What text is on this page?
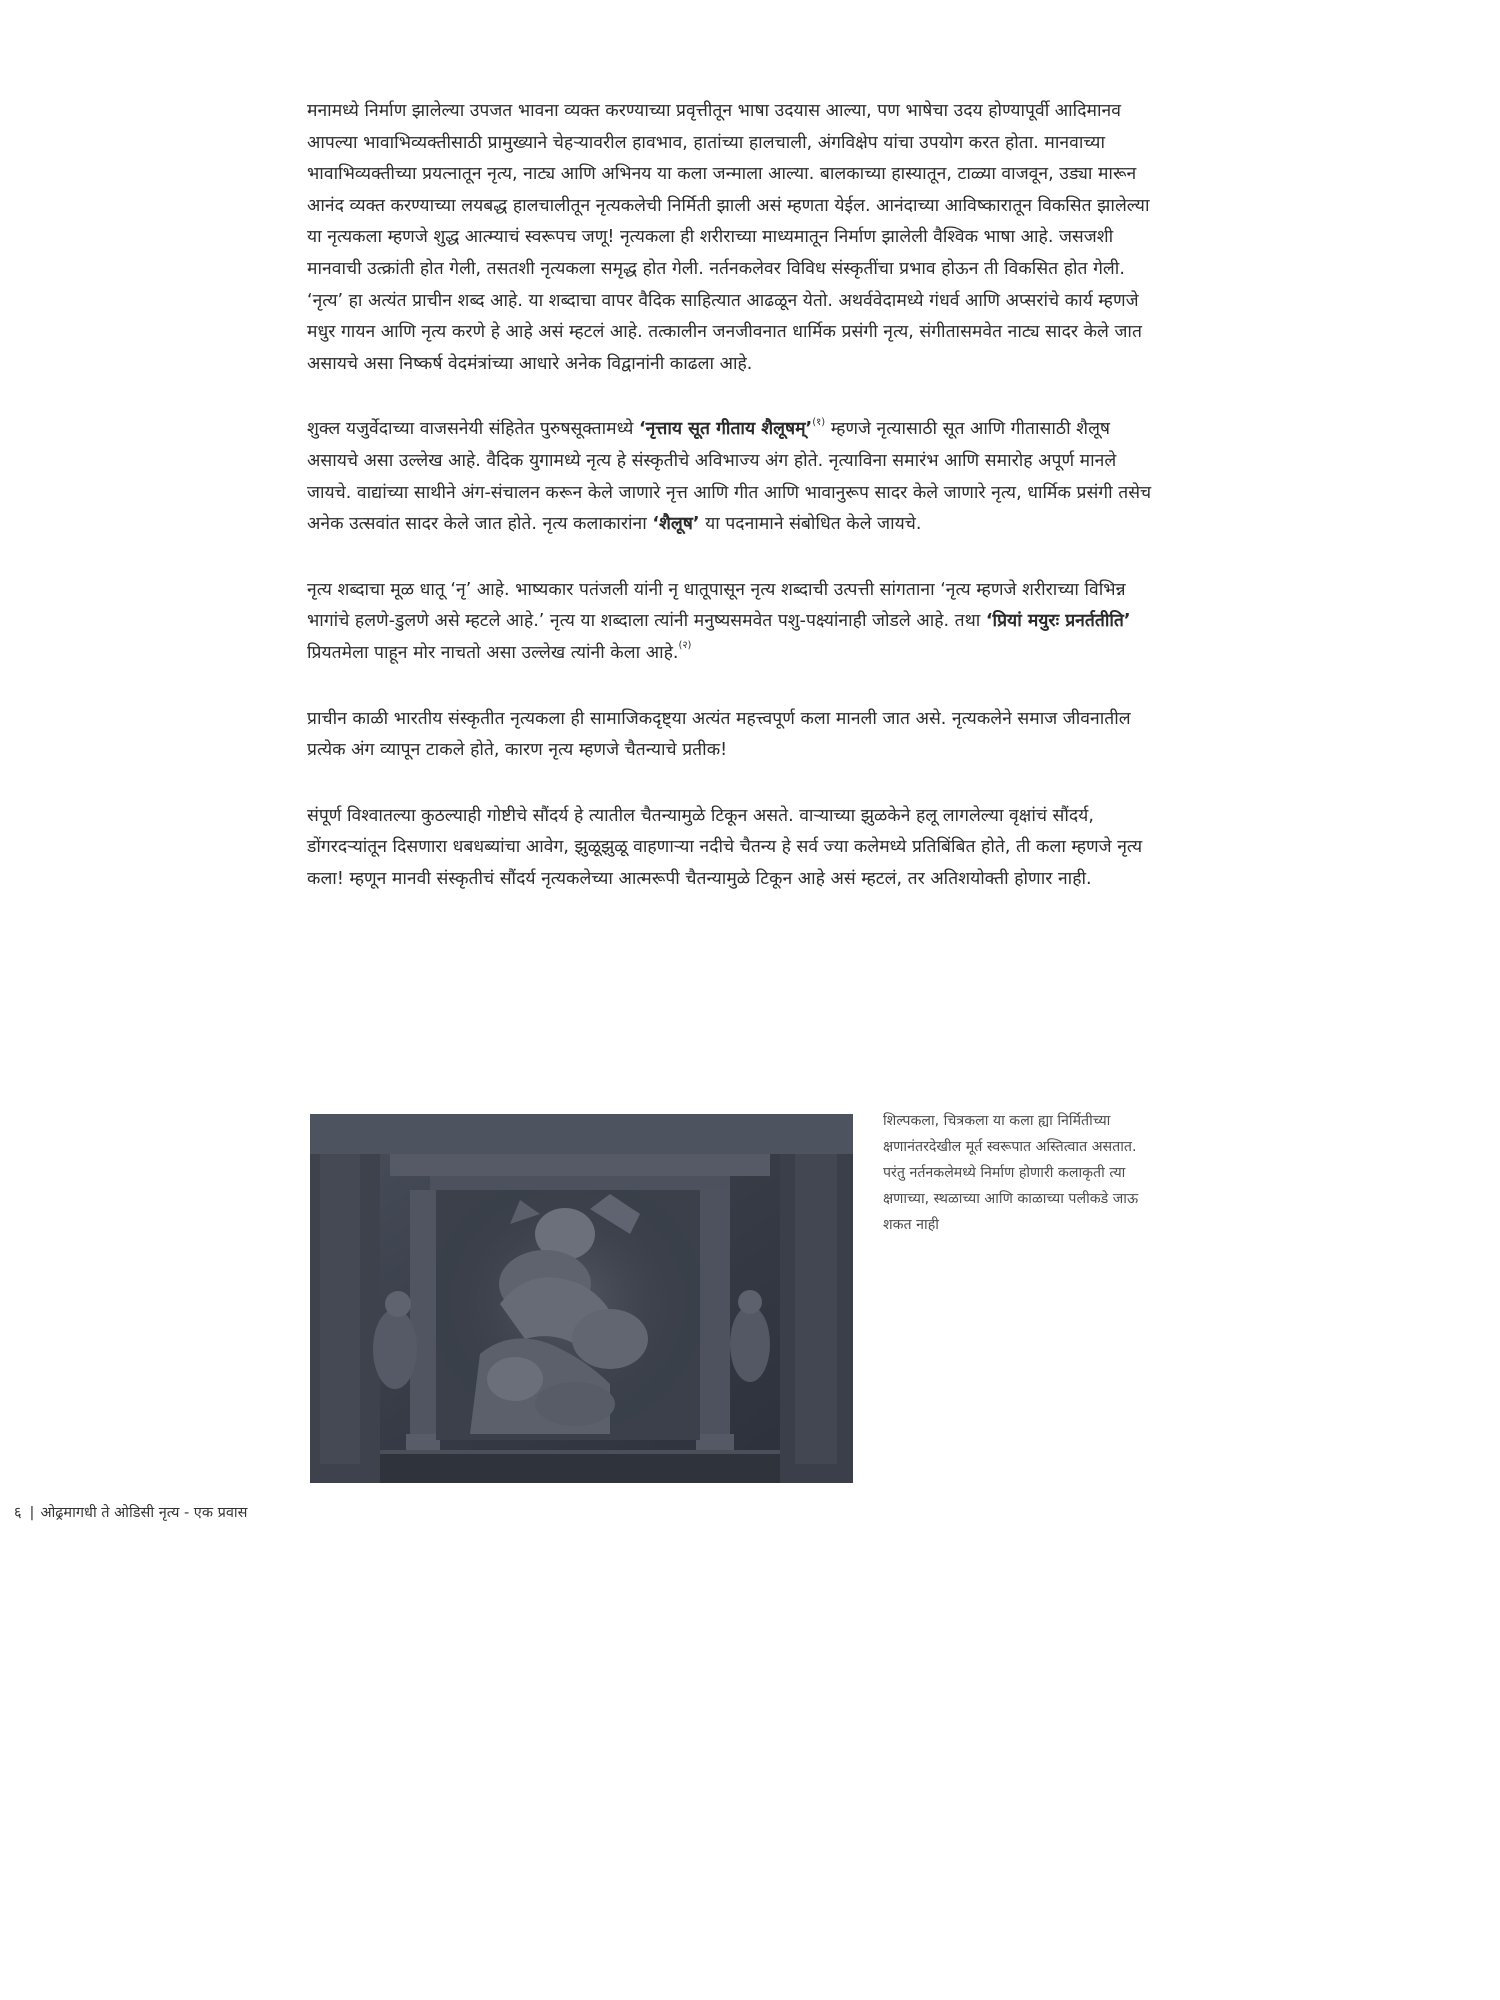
मनामध्ये निर्माण झालेल्या उपजत भावना व्यक्त करण्याच्या प्रवृत्तीतून भाषा उदयास आल्या, पण भाषेचा उदय होण्यापूर्वी आदिमानव आपल्या भावाभिव्यक्तीसाठी प्रामुख्याने चेहऱ्यावरील हावभाव, हातांच्या हालचाली, अंगविक्षेप यांचा उपयोग करत होता. मानवाच्या भावाभिव्यक्तीच्या प्रयत्नातून नृत्य, नाट्य आणि अभिनय या कला जन्माला आल्या. बालकाच्या हास्यातून, टाळ्या वाजवून, उड्या मारून आनंद व्यक्त करण्याच्या लयबद्ध हालचालीतून नृत्यकलेची निर्मिती झाली असं म्हणता येईल. आनंदाच्या आविष्कारातून विकसित झालेल्या या नृत्यकला म्हणजे शुद्ध आत्म्याचं स्वरूपच जणू! नृत्यकला ही शरीराच्या माध्यमातून निर्माण झालेली वैश्विक भाषा आहे. जसजशी मानवाची उत्क्रांती होत गेली, तसतशी नृत्यकला समृद्ध होत गेली. नर्तनकलेवर विविध संस्कृतींचा प्रभाव होऊन ती विकसित होत गेली. ‘नृत्य’ हा अत्यंत प्राचीन शब्द आहे. या शब्दाचा वापर वैदिक साहित्यात आढळून येतो. अथर्ववेदामध्ये गंधर्व आणि अप्सरांचे कार्य म्हणजे मधुर गायन आणि नृत्य करणे हे आहे असं म्हटलं आहे. तत्कालीन जनजीवनात धार्मिक प्रसंगी नृत्य, संगीतासमवेत नाट्य सादर केले जात असायचे असा निष्कर्ष वेदमंत्रांच्या आधारे अनेक विद्वानांनी काढला आहे.

शुक्ल यजुर्वेदाच्या वाजसनेयी संहितेत पुरुषसूक्तामध्ये ‘नृत्ताय सूत गीताय शैलूषम्’$^{(१)}$ म्हणजे नृत्यासाठी सूत आणि गीतासाठी शैलूष असायचे असा उल्लेख आहे. वैदिक युगामध्ये नृत्य हे संस्कृतीचे अविभाज्य अंग होते. नृत्याविना समारंभ आणि समारोह अपूर्ण मानले जायचे. वाद्यांच्या साथीने अंग-संचालन करून केले जाणारे नृत्त आणि गीत आणि भावानुरूप सादर केले जाणारे नृत्य, धार्मिक प्रसंगी तसेच अनेक उत्सवांत सादर केले जात होते. नृत्य कलाकारांना ‘शैलूष’ या पदनामाने संबोधित केले जायचे.

नृत्य शब्दाचा मूळ धातू ‘नृ’ आहे. भाष्यकार पतंजली यांनी नृ धातूपासून नृत्य शब्दाची उत्पत्ती सांगताना ‘नृत्य म्हणजे शरीराच्या विभिन्न भागांचे हलणे-डुलणे असे म्हटले आहे.’ नृत्य या शब्दाला त्यांनी मनुष्यसमवेत पशु-पक्ष्यांनाही जोडले आहे. तथा ‘प्रियां मयुरः प्रनर्ततीति’ प्रियतमेला पाहून मोर नाचतो असा उल्लेख त्यांनी केला आहे.$^{(२)}$

प्राचीन काळी भारतीय संस्कृतीत नृत्यकला ही सामाजिकदृष्ट्या अत्यंत महत्त्वपूर्ण कला मानली जात असे. नृत्यकलेने समाज जीवनातील प्रत्येक अंग व्यापून टाकले होते, कारण नृत्य म्हणजे चैतन्याचे प्रतीक!

संपूर्ण विश्वातल्या कुठल्याही गोष्टीचे सौंदर्य हे त्यातील चैतन्यामुळे टिकून असते. वाऱ्याच्या झुळकेने हलू लागलेल्या वृक्षांचं सौंदर्य, डोंगरदऱ्यांतून दिसणारा धबधब्यांचा आवेग, झुळूझुळू वाहणाऱ्या नदीचे चैतन्य हे सर्व ज्या कलेमध्ये प्रतिबिंबित होते, ती कला म्हणजे नृत्य कला! म्हणून मानवी संस्कृतीचं सौंदर्य नृत्यकलेच्या आत्मरूपी चैतन्यामुळे टिकून आहे असं म्हटलं, तर अतिशयोक्ती होणार नाही.

शिल्पकला, चित्रकला या कला ह्या निर्मितीच्या क्षणानंतरदेखील मूर्त स्वरूपात अस्तित्वात असतात. परंतु नर्तनकलेमध्ये निर्माण होणारी कलाकृती त्या क्षणाच्या, स्थळाच्या आणि काळाच्या पलीकडे जाऊ शकत नाही
६ | ओढ्रमागधी ते ओडिसी नृत्य - एक प्रवास
